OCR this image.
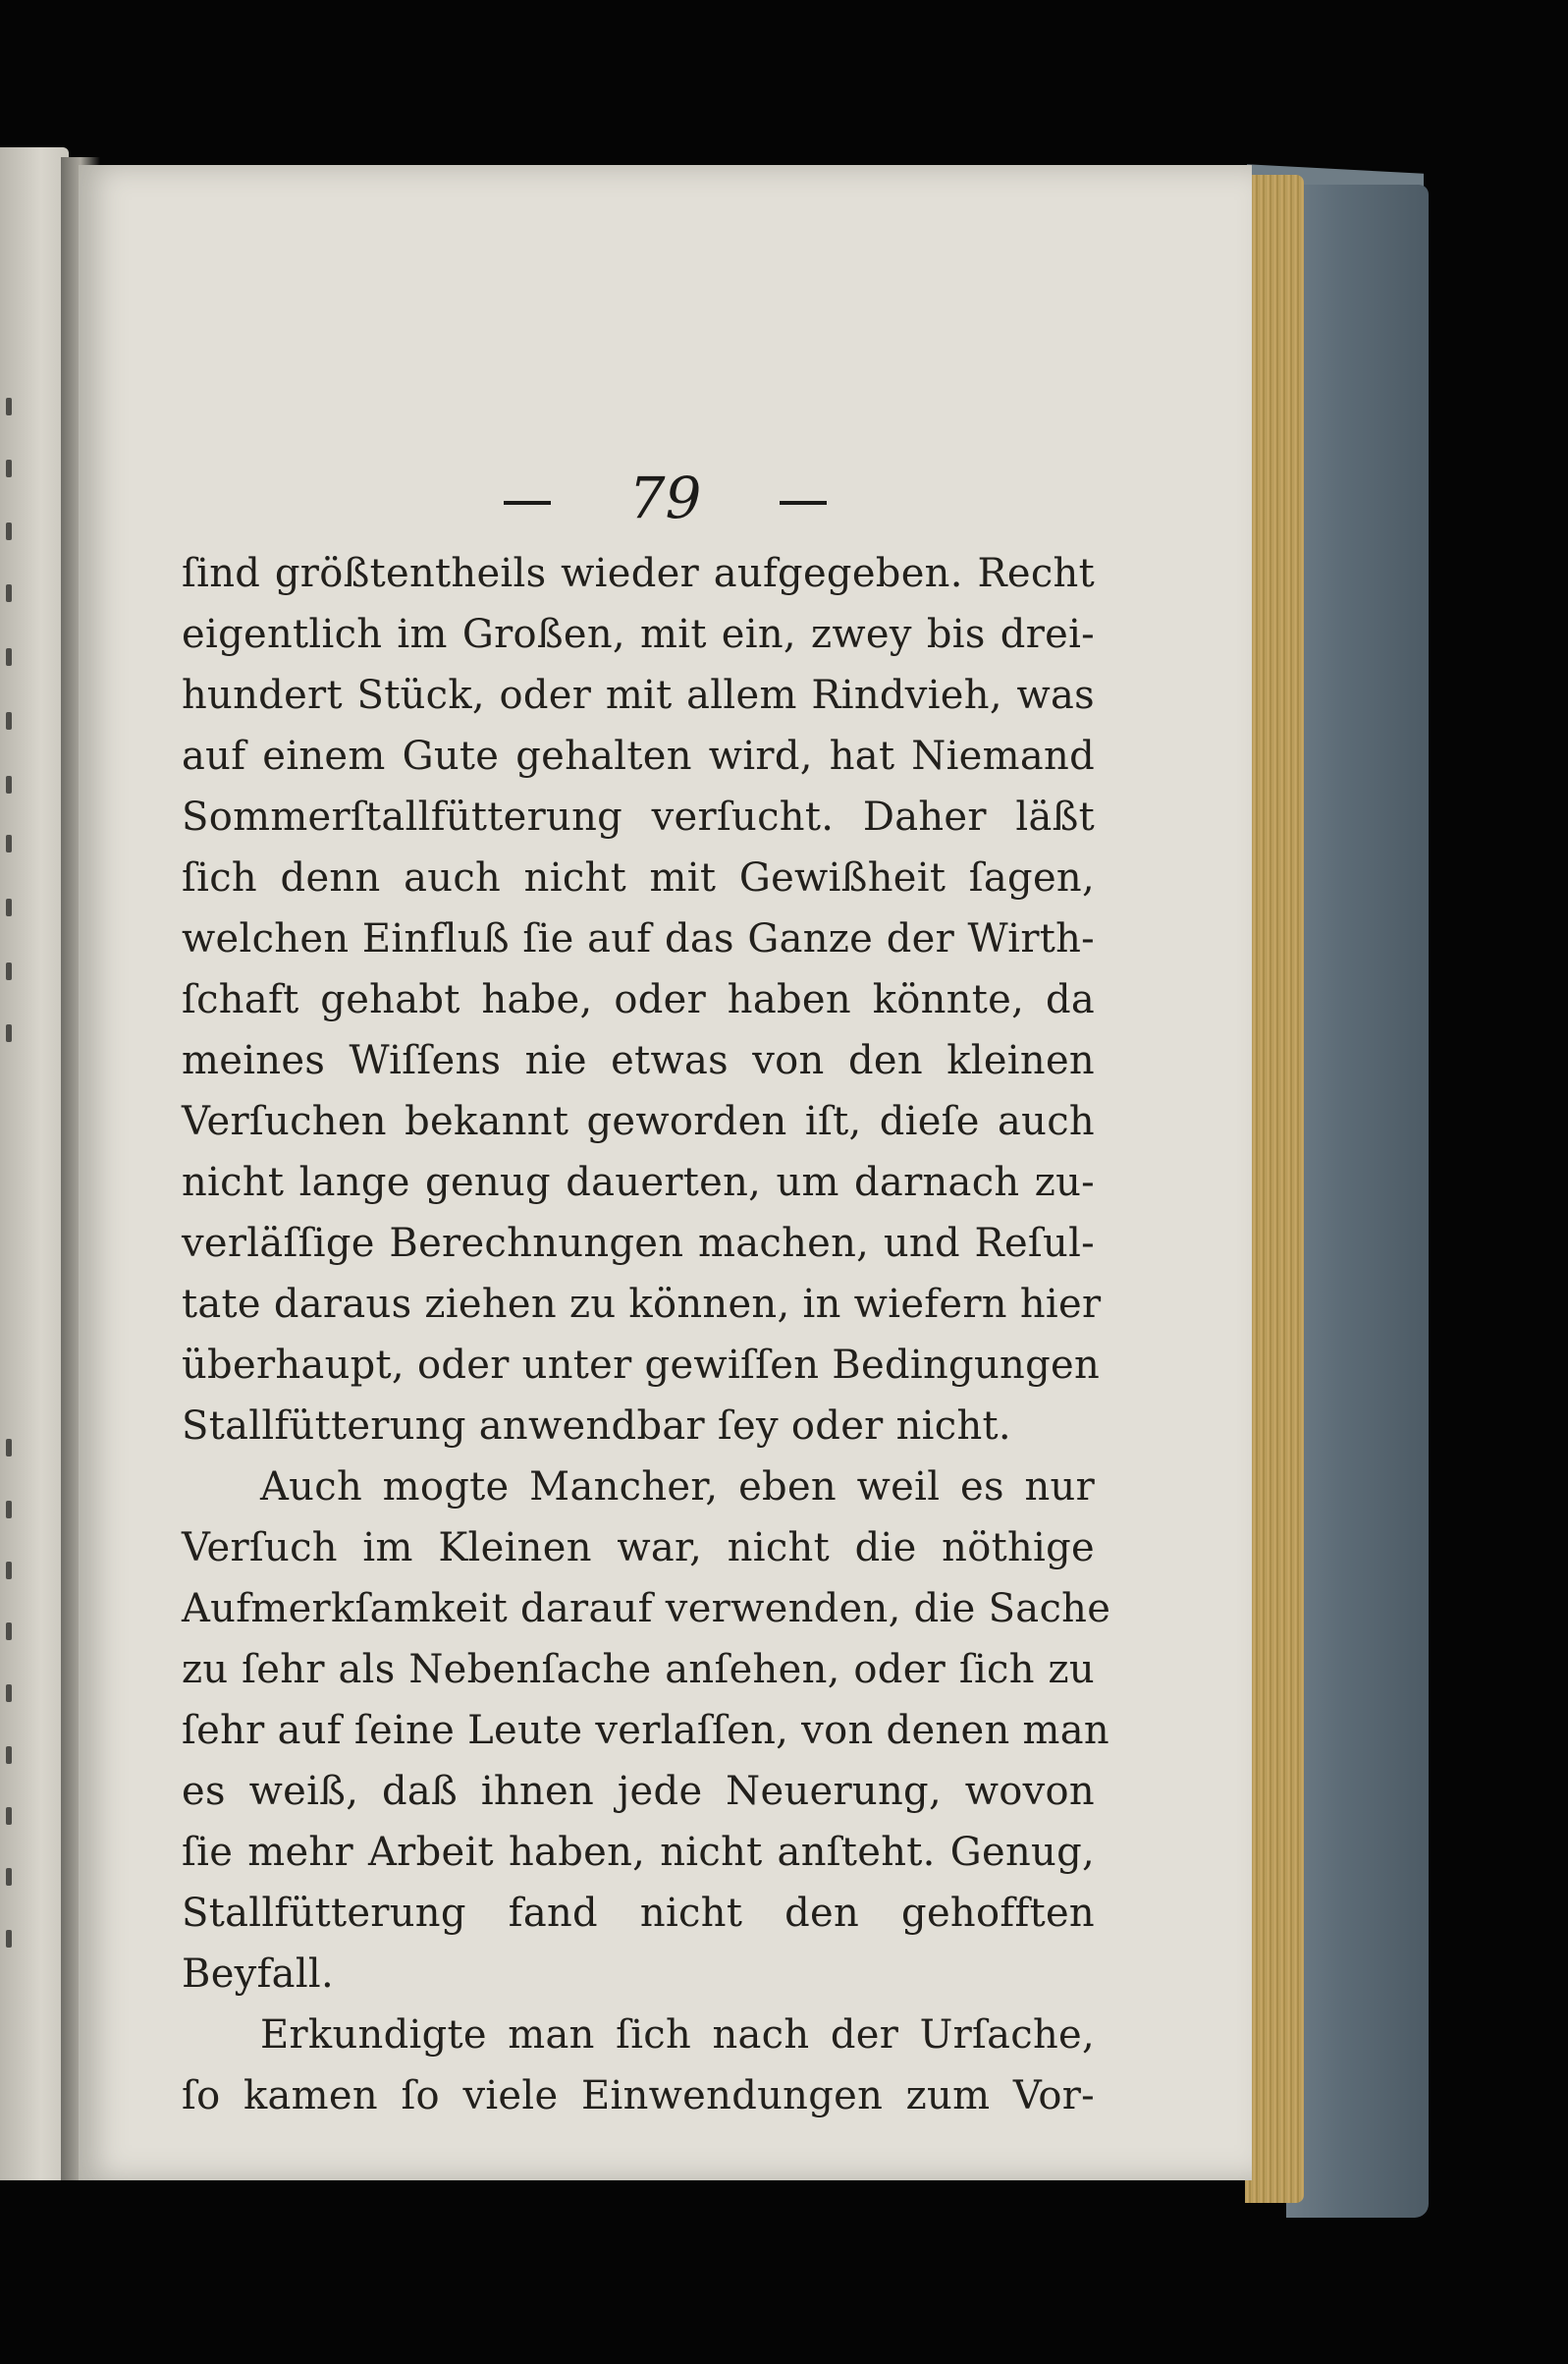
79
ſind größtentheils wieder aufgegeben. Recht
eigentlich im Großen, mit ein, zwey bis drei-
hundert Stück, oder mit allem Rindvieh, was
auf einem Gute gehalten wird, hat Niemand
Sommerſtallfütterung verſucht. Daher läßt
ſich denn auch nicht mit Gewißheit ſagen,
welchen Einfluß ſie auf das Ganze der Wirth-
ſchaft gehabt habe, oder haben könnte, da
meines Wiſſens nie etwas von den kleinen
Verſuchen bekannt geworden iſt, dieſe auch
nicht lange genug dauerten, um darnach zu-
verläſſige Berechnungen machen, und Reſul-
tate daraus ziehen zu können, in wiefern hier
überhaupt, oder unter gewiſſen Bedingungen
Stallfütterung anwendbar ſey oder nicht.
Auch mogte Mancher, eben weil es nur
Verſuch im Kleinen war, nicht die nöthige
Aufmerkſamkeit darauf verwenden, die Sache
zu ſehr als Nebenſache anſehen, oder ſich zu
ſehr auf ſeine Leute verlaſſen, von denen man
es weiß, daß ihnen jede Neuerung, wovon
ſie mehr Arbeit haben, nicht anſteht. Genug,
Stallfütterung fand nicht den gehofften
Beyfall.
Erkundigte man ſich nach der Urſache,
ſo kamen ſo viele Einwendungen zum Vor-
